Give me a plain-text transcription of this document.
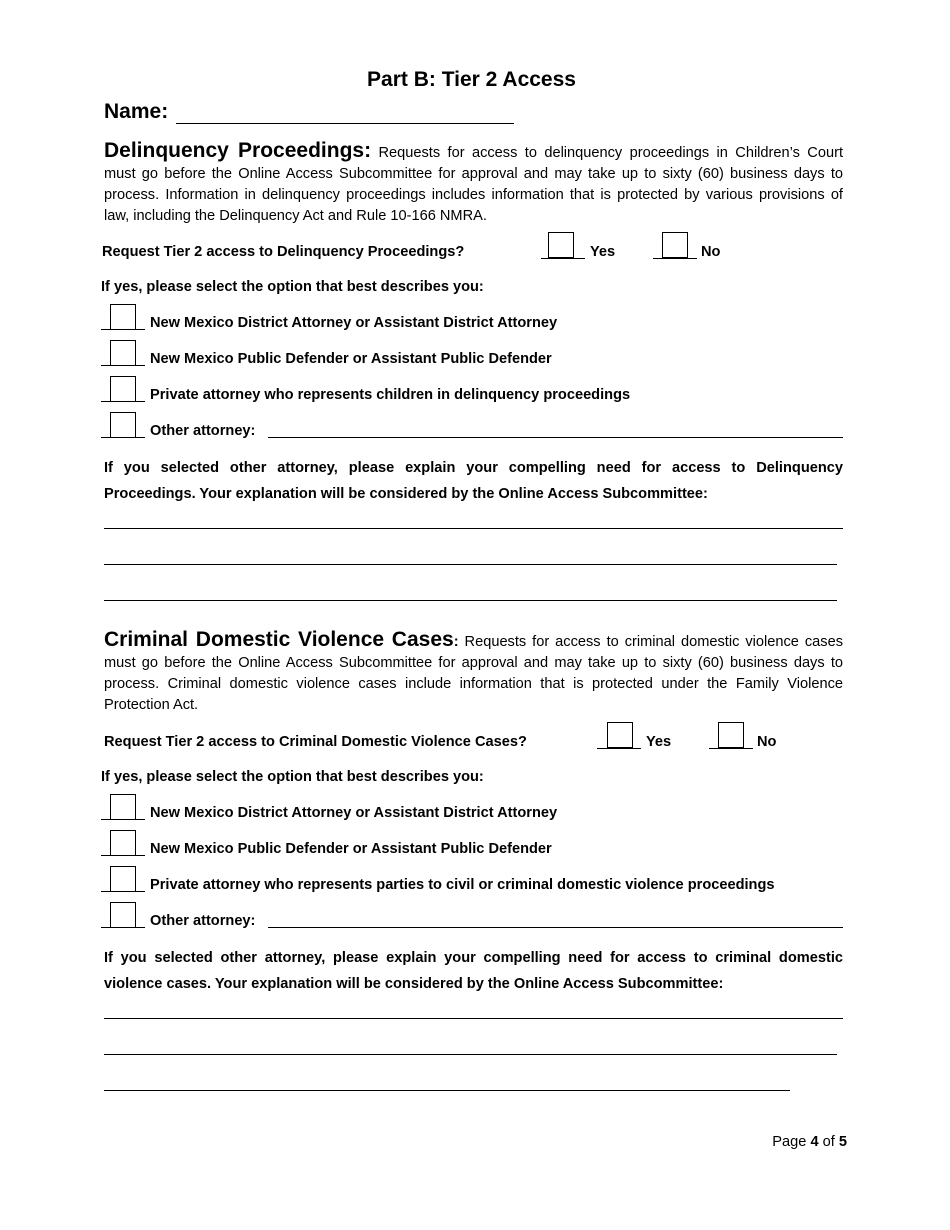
Part B: Tier 2 Access
Name:
Delinquency Proceedings: Requests for access to delinquency proceedings in Children’s Court must go before the Online Access Subcommittee for approval and may take up to sixty (60) business days to process. Information in delinquency proceedings includes information that is protected by various provisions of law, including the Delinquency Act and Rule 10-166 NMRA.
Request Tier 2 access to Delinquency Proceedings?	Yes	No
If yes, please select the option that best describes you:
New Mexico District Attorney or Assistant District Attorney
New Mexico Public Defender or Assistant Public Defender
Private attorney who represents children in delinquency proceedings
Other attorney:
If you selected other attorney, please explain your compelling need for access to Delinquency Proceedings. Your explanation will be considered by the Online Access Subcommittee:
Criminal Domestic Violence Cases: Requests for access to criminal domestic violence cases must go before the Online Access Subcommittee for approval and may take up to sixty (60) business days to process. Criminal domestic violence cases include information that is protected under the Family Violence Protection Act.
Request Tier 2 access to Criminal Domestic Violence Cases?	Yes	No
If yes, please select the option that best describes you:
New Mexico District Attorney or Assistant District Attorney
New Mexico Public Defender or Assistant Public Defender
Private attorney who represents parties to civil or criminal domestic violence proceedings
Other attorney:
If you selected other attorney, please explain your compelling need for access to criminal domestic violence cases. Your explanation will be considered by the Online Access Subcommittee:
Page 4 of 5
